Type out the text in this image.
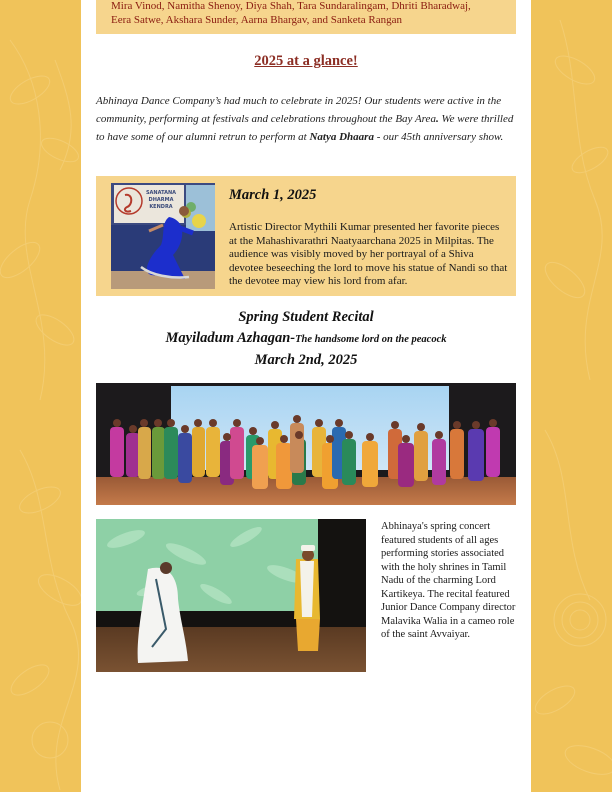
Mira Vinod, Namitha Shenoy, Diya Shah, Tara Sundaralingam, Dhriti Bharadwaj,
Eera Satwe, Akshara Sunder, Aarna Bhargav, and Sanketa Rangan
2025 at a glance!
Abhinaya Dance Company’s had much to celebrate in 2025! Our students were active in the community, performing at festivals and celebrations throughout the Bay Area. We were thrilled to have some of our alumni retrun to perform at Natya Dhaara - our 45th anniversary show.
SANATANA
DHARMA
KENDRA
March 1, 2025
Artistic Director Mythili Kumar presented her favorite pieces at the Mahashivarathri Naatyaarchana 2025 in Milpitas. The audience was visibly moved by her portrayal of a Shiva devotee beseeching the lord to move his statue of Nandi so that the devotee may view his lord from afar.
Spring Student Recital
Mayiladum Azhagan-The handsome lord on the peacock
March 2nd, 2025
Abhinaya's spring concert featured students of all ages performing stories associated with the holy shrines in Tamil Nadu of the charming Lord Kartikeya. The recital featured Junior Dance Company director Malavika Walia in a cameo role of the saint Avvaiyar.
